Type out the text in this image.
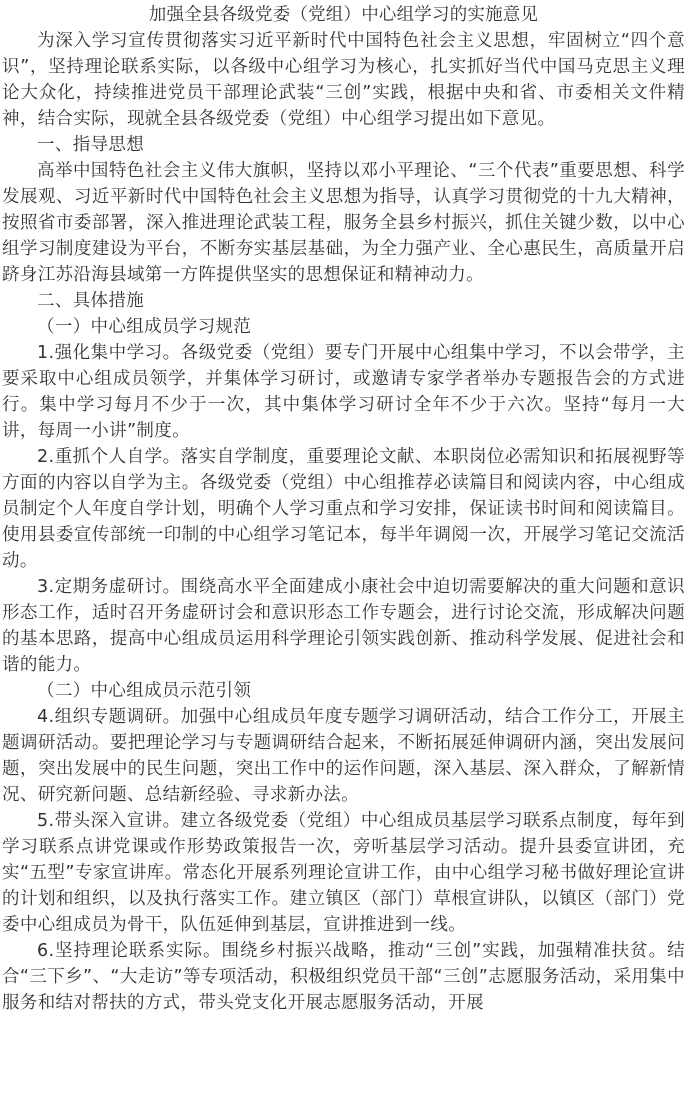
加强全县各级党委（党组）中心组学习的实施意见

为深入学习宣传贯彻落实习近平新时代中国特色社会主义思想，牢固树立“四个意识”，坚持理论联系实际，以各级中心组学习为核心，扎实抓好当代中国马克思主义理论大众化，持续推进党员干部理论武装“三创”实践，根据中央和省、市委相关文件精神，结合实际，现就全县各级党委（党组）中心组学习提出如下意见。

一、指导思想

高举中国特色社会主义伟大旗帜，坚持以邓小平理论、“三个代表”重要思想、科学发展观、习近平新时代中国特色社会主义思想为指导，认真学习贯彻党的十九大精神，按照省市委部署，深入推进理论武装工程，服务全县乡村振兴，抓住关键少数，以中心组学习制度建设为平台，不断夯实基层基础，为全力强产业、全心惠民生，高质量开启跻身江苏沿海县域第一方阵提供坚实的思想保证和精神动力。

二、具体措施

（一）中心组成员学习规范

1.强化集中学习。各级党委（党组）要专门开展中心组集中学习，不以会带学，主要采取中心组成员领学，并集体学习研讨，或邀请专家学者举办专题报告会的方式进行。集中学习每月不少于一次，其中集体学习研讨全年不少于六次。坚持“每月一大讲，每周一小讲”制度。

2.重抓个人自学。落实自学制度，重要理论文献、本职岗位必需知识和拓展视野等方面的内容以自学为主。各级党委（党组）中心组推荐必读篇目和阅读内容，中心组成员制定个人年度自学计划，明确个人学习重点和学习安排，保证读书时间和阅读篇目。使用县委宣传部统一印制的中心组学习笔记本，每半年调阅一次，开展学习笔记交流活动。

3.定期务虚研讨。围绕高水平全面建成小康社会中迫切需要解决的重大问题和意识形态工作，适时召开务虚研讨会和意识形态工作专题会，进行讨论交流，形成解决问题的基本思路，提高中心组成员运用科学理论引领实践创新、推动科学发展、促进社会和谐的能力。

（二）中心组成员示范引领

4.组织专题调研。加强中心组成员年度专题学习调研活动，结合工作分工，开展主题调研活动。要把理论学习与专题调研结合起来，不断拓展延伸调研内涵，突出发展问题，突出发展中的民生问题，突出工作中的运作问题，深入基层、深入群众，了解新情况、研究新问题、总结新经验、寻求新办法。

5.带头深入宣讲。建立各级党委（党组）中心组成员基层学习联系点制度，每年到学习联系点讲党课或作形势政策报告一次，旁听基层学习活动。提升县委宣讲团，充实“五型”专家宣讲库。常态化开展系列理论宣讲工作，由中心组学习秘书做好理论宣讲的计划和组织，以及执行落实工作。建立镇区（部门）草根宣讲队，以镇区（部门）党委中心组成员为骨干，队伍延伸到基层，宣讲推进到一线。

6.坚持理论联系实际。围绕乡村振兴战略，推动“三创”实践，加强精准扶贫。结合“三下乡”、“大走访”等专项活动，积极组织党员干部“三创”志愿服务活动，采用集中服务和结对帮扶的方式，带头党支化开展志愿服务活动，开展
